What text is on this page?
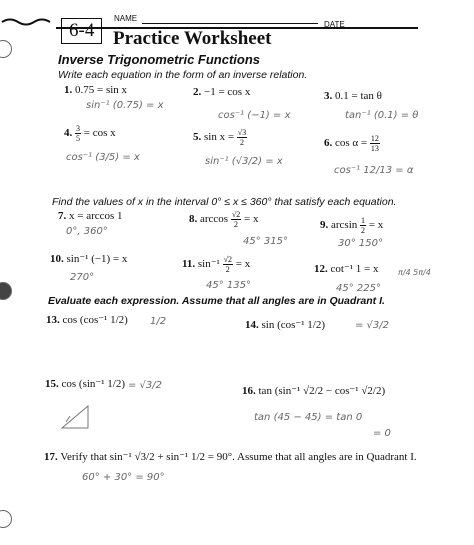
6-4
NAME
DATE
Practice Worksheet
Inverse Trigonometric Functions
Write each equation in the form of an inverse relation.
1. 0.75 = sin x
sin⁻¹ (0.75) = x
2. −1 = cos x
cos⁻¹ (−1) = x
3. 0.1 = tan θ
tan⁻¹ (0.1) = θ
4. $\frac{3}{5} = \cos x$
cos⁻¹ (3/5) = x
5. $\sin x = \frac{√3}{2}$
sin⁻¹ (√3/2) = x
6. $\cos \alpha = \frac{12}{13}$
cos⁻¹ 12/13 = α
Find the values of x in the interval 0° ≤ x ≤ 360° that satisfy each equation.
7. x = arccos 1
0°, 360°
8. $\arccos \frac{√2}{2} = x$
45° 315°
9. $\arcsin \frac{1}{2} = x$
30° 150°
10. sin⁻¹ (−1) = x
270°
11. $\sin^{-1} \frac{√2}{2} = x$
45° 135°
12. cot⁻¹ 1 = x
45° 225°
π/4 5π/4
Evaluate each expression. Assume that all angles are in Quadrant I.
13. cos (cos⁻¹ 1/2) 1/2	14. sin (cos⁻¹ 1/2)	= √3/2
15. cos (sin⁻¹ 1/2) = √3/2	16. tan (sin⁻¹ √2/2 − cos⁻¹ √2/2)
tan (45 − 45) = tan 0
= 0
17. Verify that sin⁻¹ √3/2 + sin⁻¹ 1/2 = 90°. Assume that all angles are in Quadrant I.
60° + 30° = 90°
